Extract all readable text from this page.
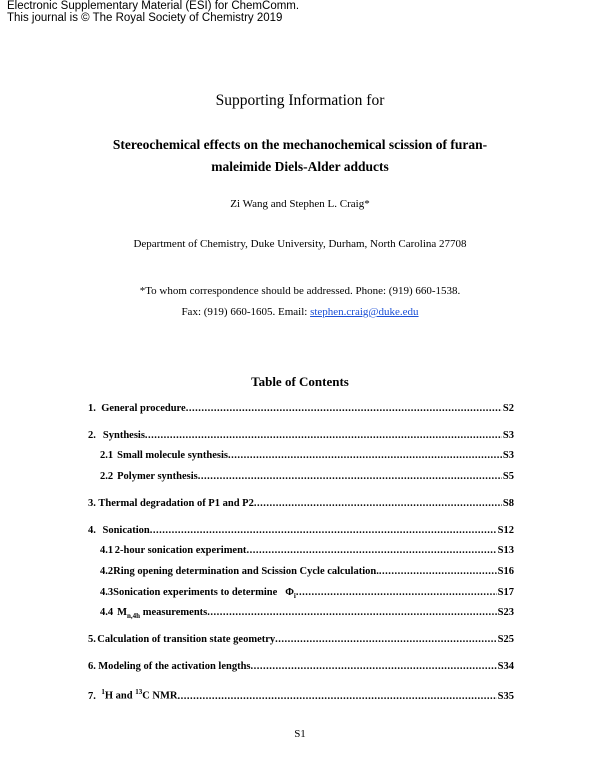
Electronic Supplementary Material (ESI) for ChemComm.
This journal is © The Royal Society of Chemistry 2019
Supporting Information for
Stereochemical effects on the mechanochemical scission of furan-
maleimide Diels-Alder adducts
Zi Wang and Stephen L. Craig*
Department of Chemistry, Duke University, Durham, North Carolina 27708
*To whom correspondence should be addressed. Phone: (919) 660-1538.
Fax: (919) 660-1605. Email: stephen.craig@duke.edu
Table of Contents
1. General procedure .....	S2
2. Synthesis .....	S3
2.1 Small molecule synthesis .....	S3
2.2 Polymer synthesis .....	S5
3. Thermal degradation of P1 and P2 .....	S8
4. Sonication .....	S12
4.1 2-hour sonication experiment .....	S13
4.2 Ring opening determination and Scission Cycle calculation. .....	S16
4.3 Sonication experiments to determine $\Phi_i$ .....	S17
4.4 $M_{n,4h}$ measurements .....	S23
5. Calculation of transition state geometry .....	S25
6. Modeling of the activation lengths .....	S34
7. $^1$H and $^{13}$C NMR .....	S35
S1
